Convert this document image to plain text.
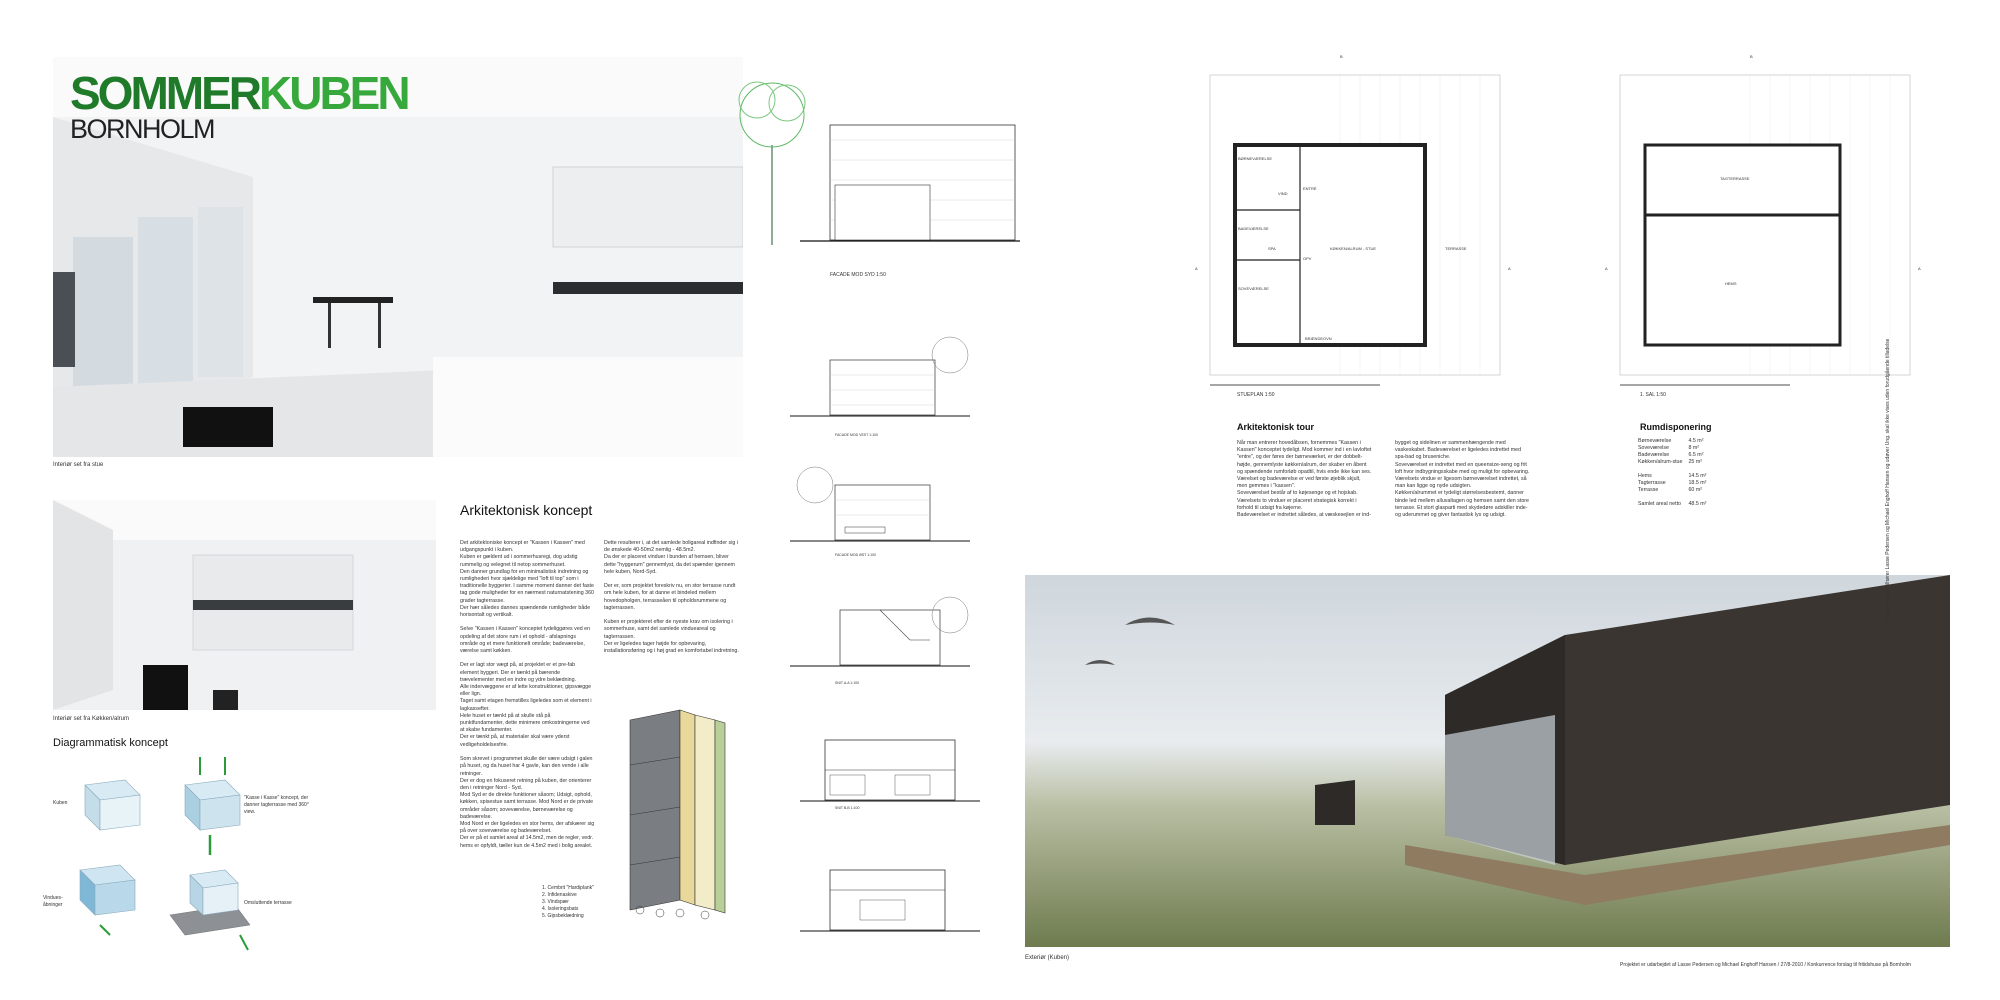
SOMMERKUBEN
BORNHOLM
Interiør set fra stue
Interiør set fra Køkken/alrum
Diagrammatisk koncept
Kuben
"Kasse i Kasse" koncept, der danner tagterrasse med 360° view.
Vindues-åbninger	Omsluttende terrasse
Arkitektonisk koncept
Det arkitektoniske koncept er "Kassen i Kassen" med udgangspunkt i kuben.
Kuben er gældent ud i sommerhusregi, dog udstig rummelig og velegnet til netop sommerhuset.
Den danner grundlag for en minimalistisk indretning og rumlighederi hvor sjældelige med "loft til top" som i traditionelle byggerier. I samme moment danner det faste tag gode muligheder for en nærmest naturnatstening 360 grader tagterrasse.
Der hær således dannes spændende rumligheder både horisontalt og vertikalt.

Selve "Kassen i Kassen" konceptet tydeliggøres ved en opdeling af det store rum i et ophold - afslapnings område og et mere funktionelt område; badeværelse, værelse samt køkken.

Der er lagt stor vægt på, at projektet er et pre-fab element byggeri. Der er tænkt på bærende trævelementer med en indre og ydre beklædning.
Alle indervæggene er af lette konstruktioner, gipsvægge eller lign.
Taget samt etagen fremstilles ligeledes som et element i lagkassefter.
Hele huset er tænkt på at skulle stå på punktfundamenter, dette minimere omkostningerne ved at skabe fundamenter.
Der er tænkt på, at materialer skal være yderst vedligeholdelsesfrie.

Som skrevet i programmet skulle der være udsigt i galen på huset, og da huset har 4 gavle, kan den vende i alle retninger.
Der er dog en fokuseret retning på kuben, der orienterer den i retninger Nord - Syd.
Mod Syd er de direkte funktioner såsom; Udsigt, ophold, køkken, spisestue samt terrasse. Mod Nord er de private områder såsom; soveværelse, børneværelse og badeværelse.
Mod Nord er der ligeledes en stor hems, der afskærer sig på over soveværelse og badeværelset.
Der er på et samlet areal af 14.5m2, men de regler, vedr. hems er opfyldt, tæller kun de 4.5m2 med i bolig arealet.
Dette resulterer i, at det samlede boligareal indfinder sig i de ønskede 40-50m2 nemlig - 48.5m2.
Da der er placeret vinduer i bunden af hemsen, bliver dette "hyggerum" gennemlyst, da det spænder igennem hele kuben, Nord-Syd.

Der er, som projektet foreskriv nu, en stor terrasse rundt om hele kuben, for at danne et bindeled mellem hovedopholgen, terrasseåen til opholdsrummene og tagterrassen.

Kuben er projekteret efter de nyeste krav om isolering i sommerhuse, samt det samlede vindueareal og tagterrassen.
Der er ligeledes tager højde for opbevaring, installationsføring og i høj grad en komfortabel indretning.
1. Cembrit "Hardiplank"
2. Infidenaskive
3. Vindspær
4. Isoleringsbats
5. Gipsbeklædning
FACADE MOD SYD 1:50
FACADE MOD VEST 1:100
FACADE MOD ØST 1:100
SNIT A-A 1:100
SNIT B-B 1:100
BØRNEVÆRELSE
SOVEVÆRELSE
BADEVÆRELSE
KØKKEN/ALRUM - STUE	TERRASSE
BRÆNDEOVN
SPA
OPV
VIND
ENTRÉ
A	A
B
STUEPLAN 1:50
TAGTERRASSE
HEMS
A	A
B
1. SAL 1:50
Arkitektonisk tour
Når man entrerer hovedåbsen, fornemmes "Kassen i Kassen" konceptet tydeligt. Mod kommer ind i en lavloftet "entre", og der føres der børneværket, er der dobbelt-højde, gennemlyste køkken/alrum, der skaber en åbent og spændende rumforløb opadtil, hvis ende ikke kan ses.
Værelset og badeværelse er ved første øjeblik skjult, men gemmes i "kassen".
Soveværelset består af to køjesenge og et hojskab.
Værelsets to vinduer er placeret strategisk korrekt i forhold til udsigt fra køjerne.
Badeværelset er indrettet således, at væskesejlen er ind-
bygget og sidelinen er sammenhængende med vaskeskabet. Badeværelset er ligeledes indrettet med spa-bad og bruseniche.
Soveværelset er indrettet med en queensize-seng og frit loft hvor indbygningsskabe med og muligt for opbevaring. Værelsets vindue er ligesom børneværelset indrettet, så man kan ligge og nyde udsigten.
Køkken/alrummet er tydeligt størrelsesbestemt, danner binde led mellem alluvaltagen og hemsen samt den store terrasse. Et stort glasparti med skydedøre adskiller inde- og uderummet og giver fantastisk lys og udsigt.
Rumdisponering
Børneværelse	4.5 m²
Soveværelse	8 m²
Badeværelse	6.5 m²
Køkken/alrum-stue	25 m²

Hems	14.5 m²
Tagterrasse	18.5 m²
Terrasse	60 m²

Samlet areal netto	48.5 m²
Exteriør (Kuben)
Projektet er udarbejdet af Lasse Pedersen og Michael Enghoff Hansen / 27/8-2010 / Konkurrence forslag til fritidshuse på Bornholm
Oplysningerne tilhører Lasse Pedersen og Michael Enghoff Hansen og udøver Ung. skal ikke vises uden forudgående tilladelse
